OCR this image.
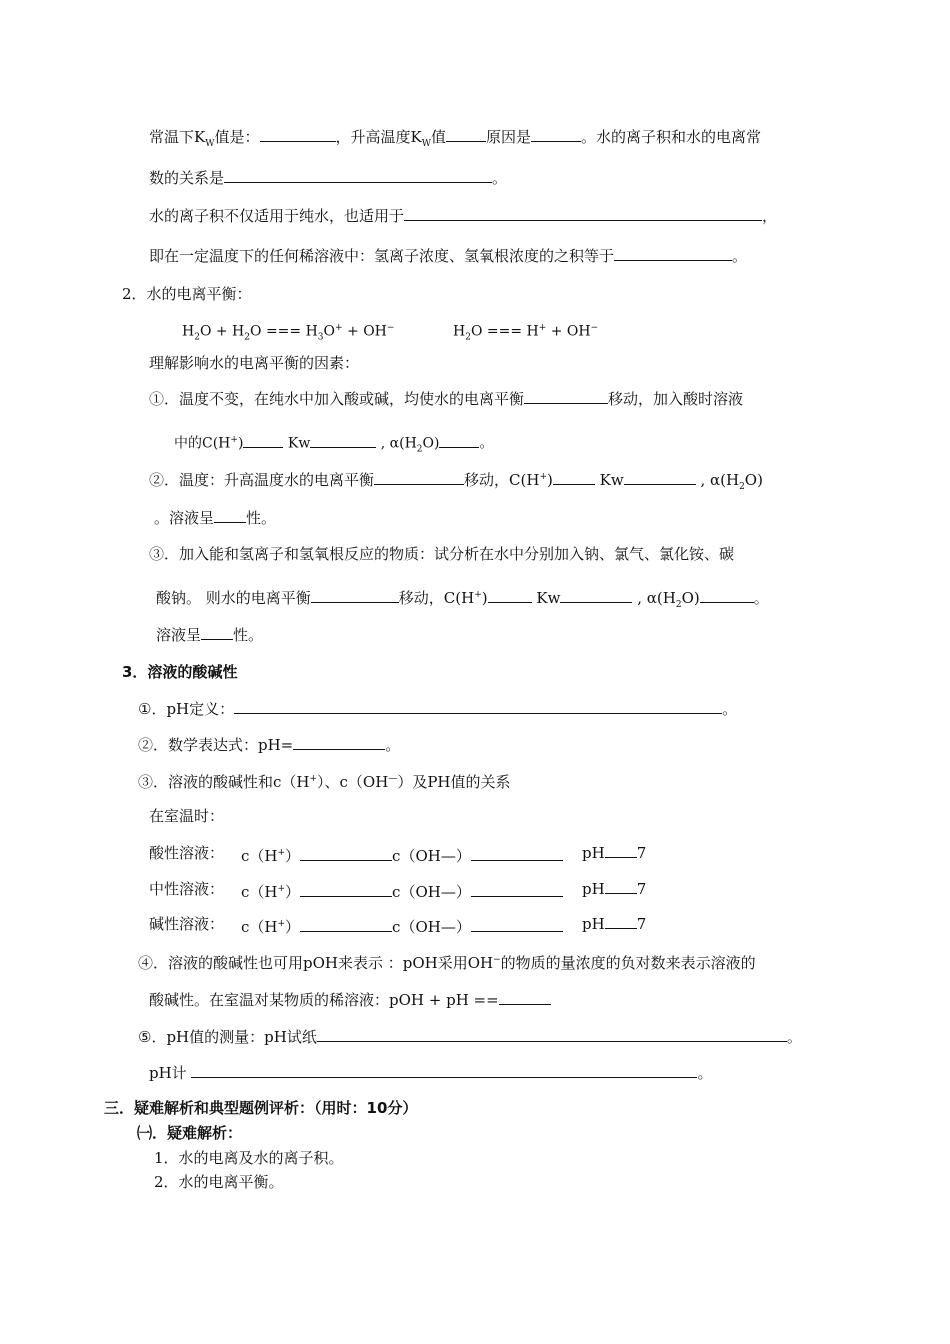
常温下$K_W$值是：	，升高温度$K_W$值	原因是	。水的离子积和水的电离常
数的关系是	。
水的离子积不仅适用于纯水，也适用于	，
即在一定温度下的任何稀溶液中：氢离子浓度、氢氧根浓度的之积等于	。
2．水的电离平衡：
$H_2O + H_2O$ === $H_3O^+ + OH^-$	$H_2O$ === H+ + OH−
理解影响水的电离平衡的因素：
①．温度不变，在纯水中加入酸或碱，均使水的电离平衡	移动，加入酸时溶液
中的C(H+)	Kw	, $\alpha(H_2O)$	。
②．温度：升高温度水的电离平衡	移动，C(H+)	Kw	, $\alpha(H_2O)$
。溶液呈 性。
③．加入能和氢离子和氢氧根反应的物质：试分析在水中分别加入钠、氯气、氯化铵、碳
酸钠。 则水的电离平衡	移动，C(H+)	Kw	, $\alpha(H_2O)$	。
溶液呈 性。
3．溶液的酸碱性
①．pH定义：	。
②．数学表达式：pH=	。
③．溶液的酸碱性和c（H+）、c（OH—）及PH值的关系
在室温时：
酸性溶液： c（H+）	c（OH—）	pH 7
中性溶液： c（H+）	c（OH—）	pH 7
碱性溶液： c（H+）	c（OH—）	pH 7
④．溶液的酸碱性也可用pOH来表示 ：pOH采用OH−的物质的量浓度的负对数来表示溶液的
酸碱性。在室温对某物质的稀溶液：pOH + pH ==
⑤．pH值的测量：pH试纸	。
pH计	。
三．疑难解析和典型题例评析：（用时：10分）
㈠．疑难解析：
1．水的电离及水的离子积。
2．水的电离平衡。
